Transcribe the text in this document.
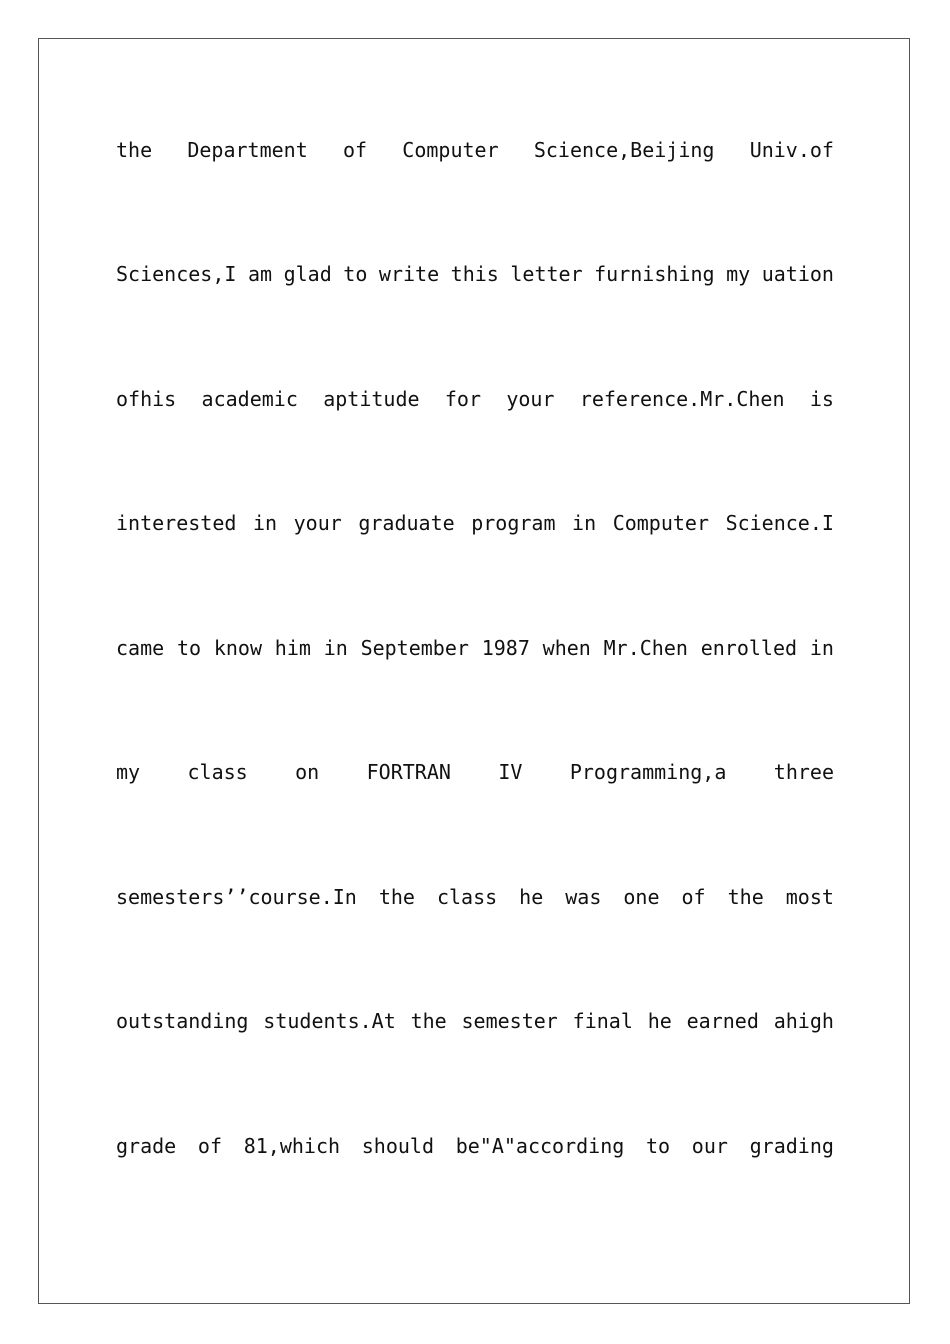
the Department of Computer Science,Beijing Univ.of
Sciences,I am glad to write this letter furnishing my uation
ofhis academic aptitude for your reference.Mr.Chen is
interested in your graduate program in Computer Science.I
came to know him in September 1987 when Mr.Chen enrolled in
my class on FORTRAN IV Programming,a three
semesters’’course.In the class he was one of the most
outstanding students.At the semester final he earned ahigh
grade of 81,which should be"A"according to our grading
